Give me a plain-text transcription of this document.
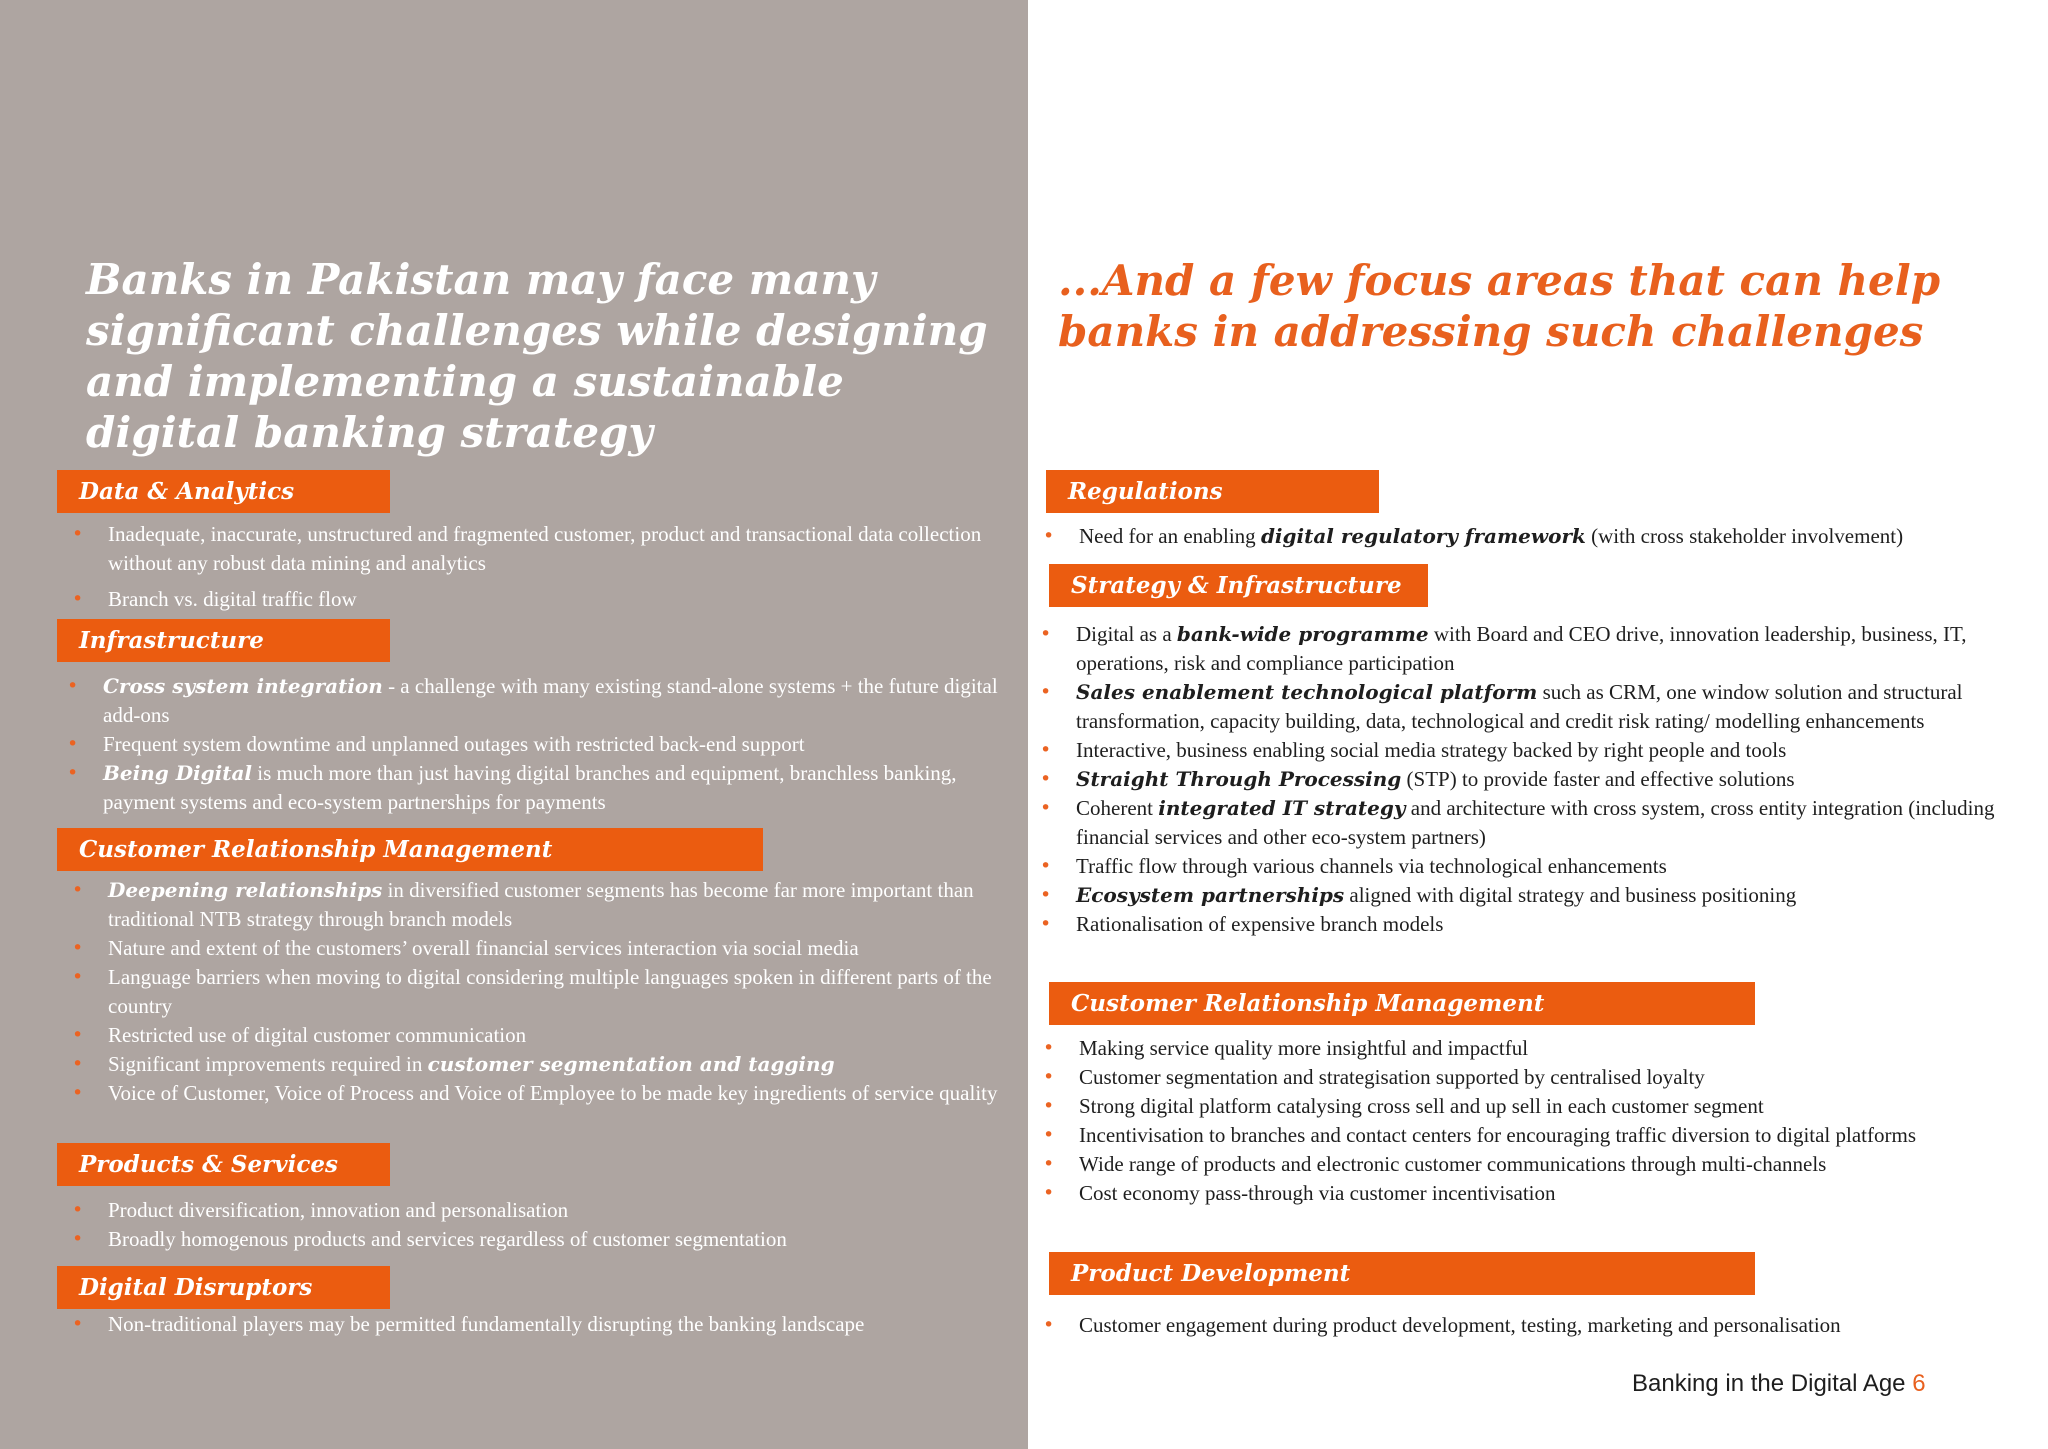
Banks in Pakistan may face many significant challenges while designing and implementing a sustainable digital banking strategy
Data & Analytics
• Inadequate, inaccurate, unstructured and fragmented customer, product and transactional data collection without any robust data mining and analytics
• Branch vs. digital traffic flow
Infrastructure
• Cross system integration - a challenge with many existing stand-alone systems + the future digital add-ons
• Frequent system downtime and unplanned outages with restricted back-end support
• Being Digital is much more than just having digital branches and equipment, branchless banking, payment systems and eco-system partnerships for payments
Customer Relationship Management
• Deepening relationships in diversified customer segments has become far more important than traditional NTB strategy through branch models
• Nature and extent of the customers’ overall financial services interaction via social media
• Language barriers when moving to digital considering multiple languages spoken in different parts of the country
• Restricted use of digital customer communication
• Significant improvements required in customer segmentation and tagging
• Voice of Customer, Voice of Process and Voice of Employee to be made key ingredients of service quality
Products & Services
• Product diversification, innovation and personalisation
• Broadly homogenous products and services regardless of customer segmentation
Digital Disruptors
• Non-traditional players may be permitted fundamentally disrupting the banking landscape
...And a few focus areas that can help banks in addressing such challenges
Regulations
• Need for an enabling digital regulatory framework (with cross stakeholder involvement)
Strategy & Infrastructure
• Digital as a bank-wide programme with Board and CEO drive, innovation leadership, business, IT, operations, risk and compliance participation
• Sales enablement technological platform such as CRM, one window solution and structural transformation, capacity building, data, technological and credit risk rating/ modelling enhancements
• Interactive, business enabling social media strategy backed by right people and tools
• Straight Through Processing (STP) to provide faster and effective solutions
• Coherent integrated IT strategy and architecture with cross system, cross entity integration (including financial services and other eco-system partners)
• Traffic flow through various channels via technological enhancements
• Ecosystem partnerships aligned with digital strategy and business positioning
• Rationalisation of expensive branch models
Customer Relationship Management
• Making service quality more insightful and impactful
• Customer segmentation and strategisation supported by centralised loyalty
• Strong digital platform catalysing cross sell and up sell in each customer segment
• Incentivisation to branches and contact centers for encouraging traffic diversion to digital platforms
• Wide range of products and electronic customer communications through multi-channels
• Cost economy pass-through via customer incentivisation
Product Development
• Customer engagement during product development, testing, marketing and personalisation
Banking in the Digital Age 6
